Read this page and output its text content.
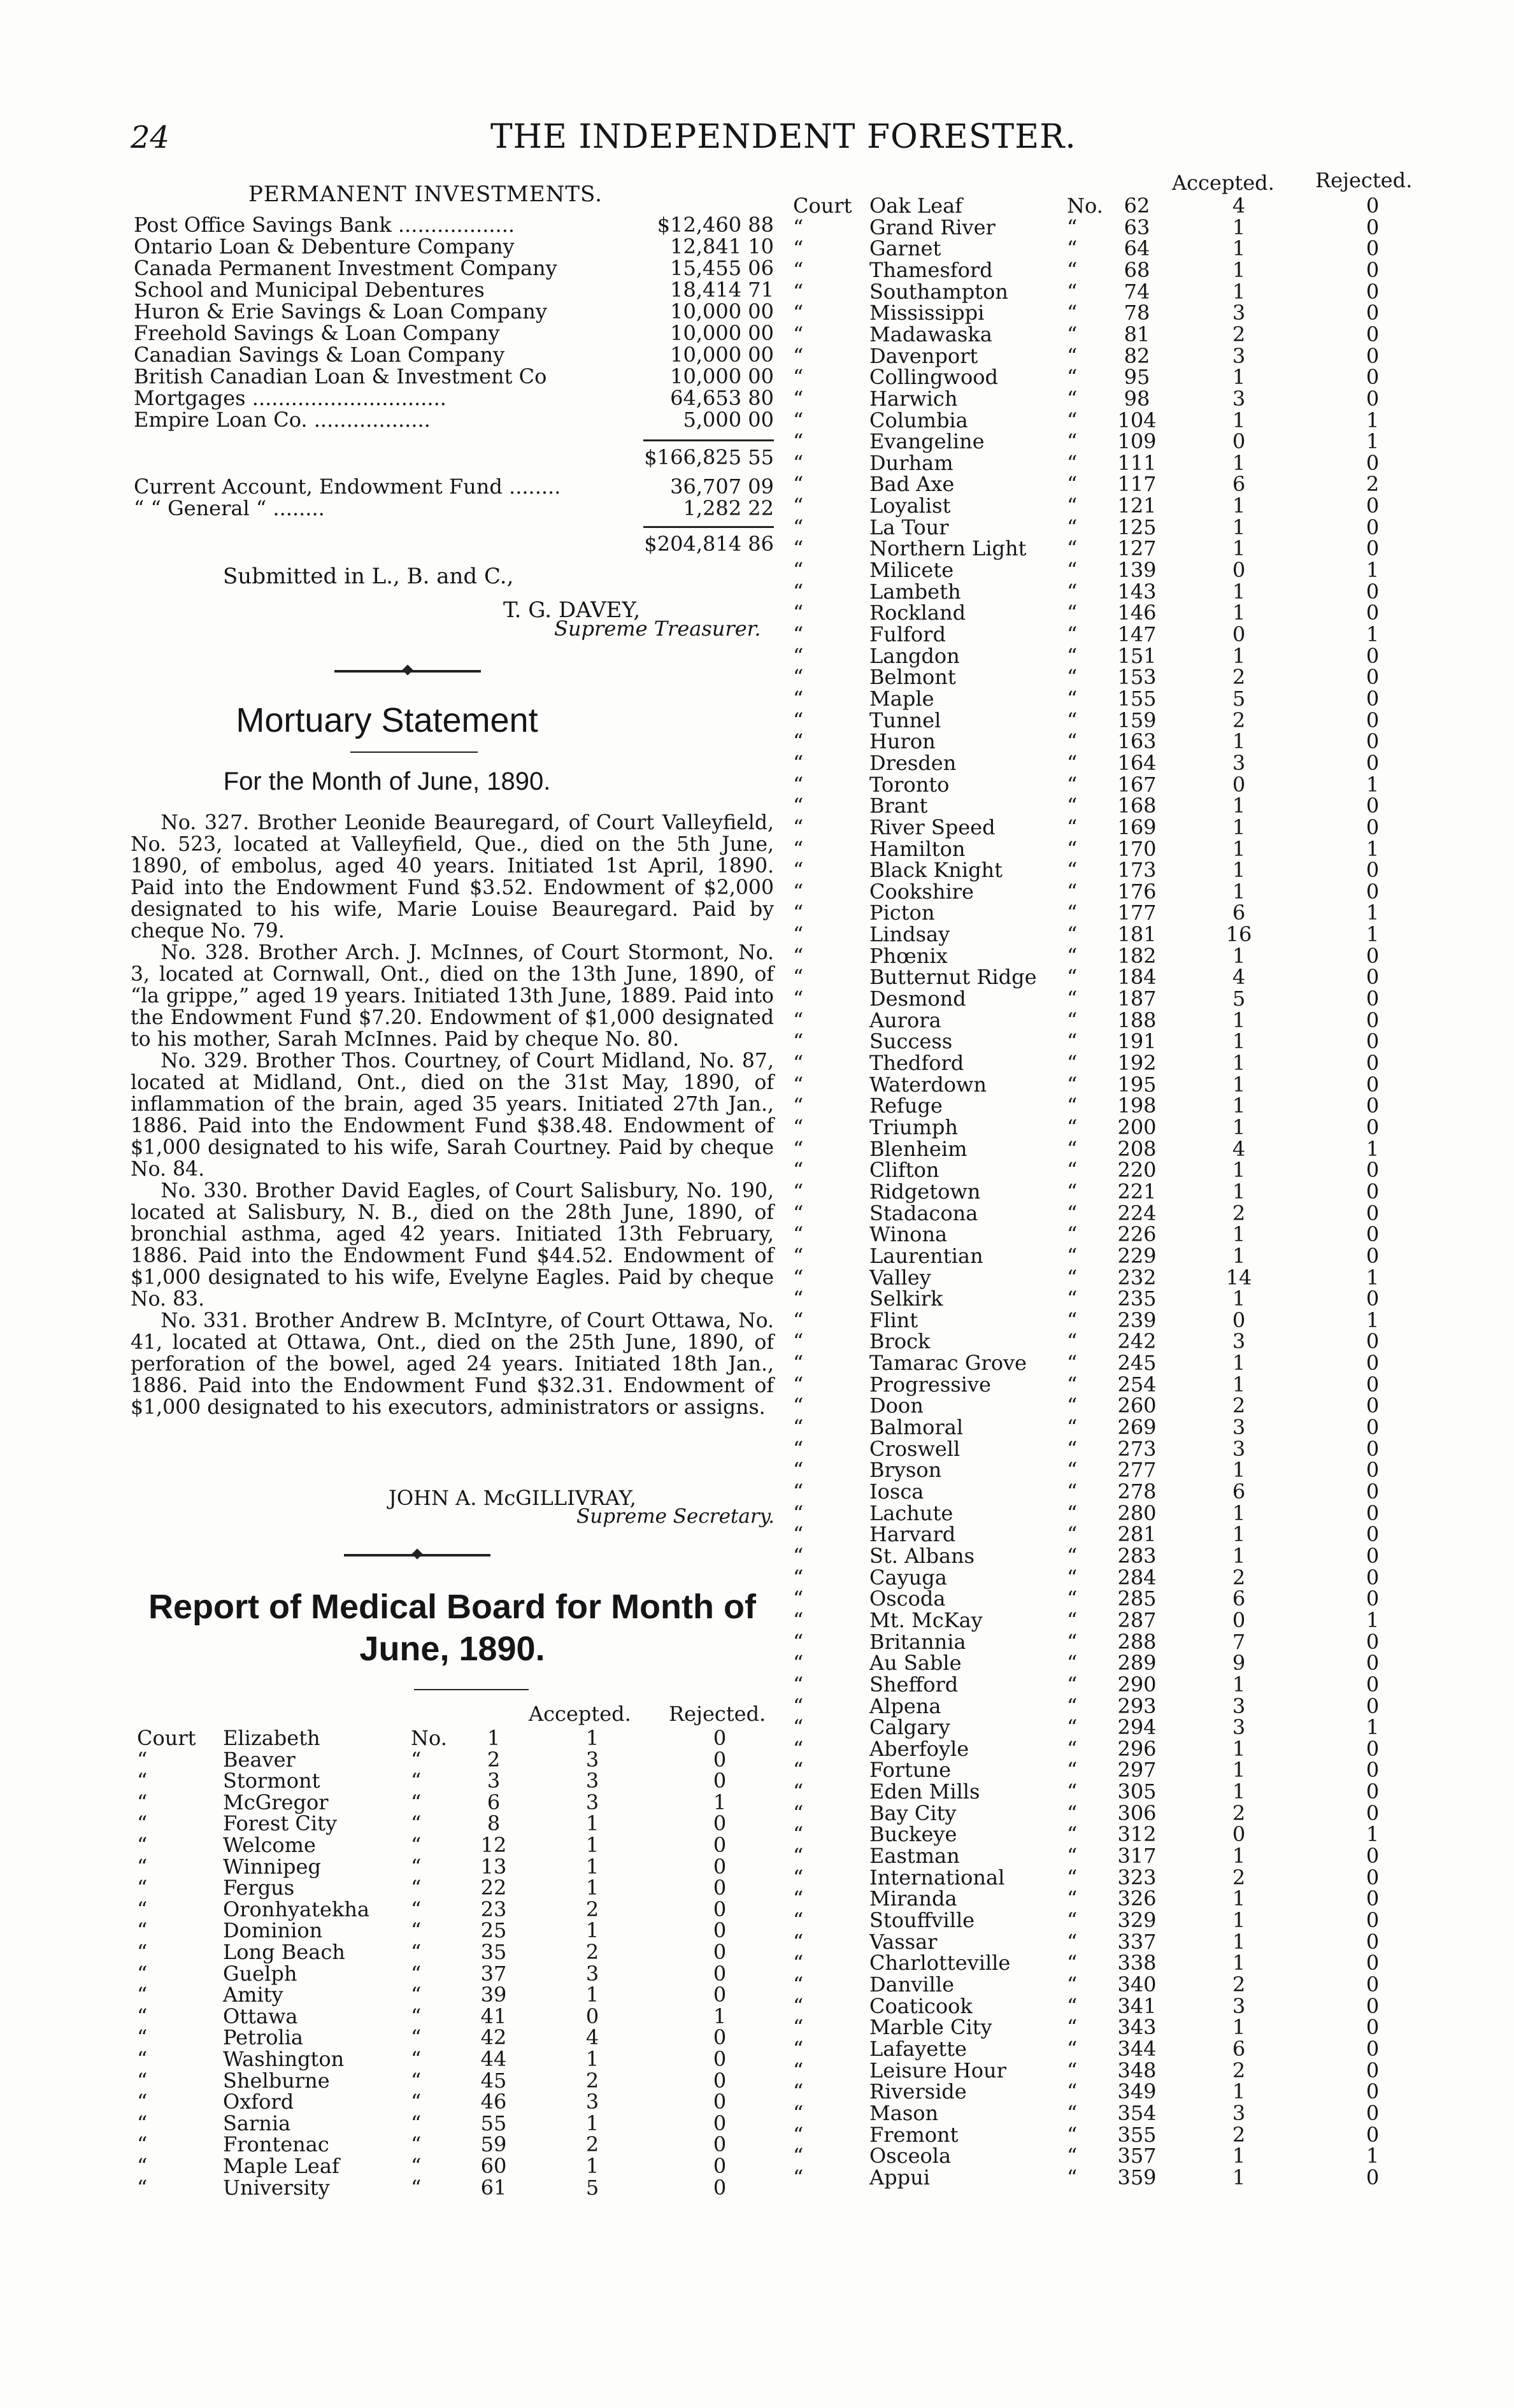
24	THE INDEPENDENT FORESTER.
PERMANENT INVESTMENTS.
Post Office Savings Bank ..................	$12,460 88
Ontario Loan & Debenture Company	12,841 10
Canada Permanent Investment Company	15,455 06
School and Municipal Debentures	18,414 71
Huron & Erie Savings & Loan Company	10,000 00
Freehold Savings & Loan Company	10,000 00
Canadian Savings & Loan Company	10,000 00
British Canadian Loan & Investment Co	10,000 00
Mortgages ..............................	64,653 80
Empire Loan Co. ..................	5,000 00
$166,825 55
Current Account, Endowment Fund ........	36,707 09
“ “ General “ ........	1,282 22
$204,814 86
Submitted in L., B. and C.,
T. G. DAVEY,
Supreme Treasurer.
Mortuary Statement
For the Month of June, 1890.

No. 327. Brother Leonide Beauregard, of Court Valleyfield, No. 523, located at Valleyfield, Que., died on the 5th June, 1890, of embolus, aged 40 years. Initiated 1st April, 1890. Paid into the Endowment Fund $3.52. Endowment of $2,000 designated to his wife, Marie Louise Beauregard. Paid by cheque No. 79.

No. 328. Brother Arch. J. McInnes, of Court Stormont, No. 3, located at Cornwall, Ont., died on the 13th June, 1890, of “la grippe,” aged 19 years. Initiated 13th June, 1889. Paid into the Endowment Fund $7.20. Endowment of $1,000 designated to his mother, Sarah McInnes. Paid by cheque No. 80.

No. 329. Brother Thos. Courtney, of Court Midland, No. 87, located at Midland, Ont., died on the 31st May, 1890, of inflammation of the brain, aged 35 years. Initiated 27th Jan., 1886. Paid into the Endowment Fund $38.48. Endowment of $1,000 designated to his wife, Sarah Courtney. Paid by cheque No. 84.

No. 330. Brother David Eagles, of Court Salisbury, No. 190, located at Salisbury, N. B., died on the 28th June, 1890, of bronchial asthma, aged 42 years. Initiated 13th February, 1886. Paid into the Endowment Fund $44.52. Endowment of $1,000 designated to his wife, Evelyne Eagles. Paid by cheque No. 83.

No. 331. Brother Andrew B. McIntyre, of Court Ottawa, No. 41, located at Ottawa, Ont., died on the 25th June, 1890, of perforation of the bowel, aged 24 years. Initiated 18th Jan., 1886. Paid into the Endowment Fund $32.31. Endowment of $1,000 designated to his executors, administrators or assigns.

JOHN A. McGILLIVRAY,
Supreme Secretary.
Report of Medical Board for Month of June, 1890.
Accepted. Rejected.
Accepted. Rejected.
Court Elizabeth	No.	1	1	0
“	Beaver	“	2	3	0
“	Stormont	“	3	3	0
“	McGregor	“	6	3	1
“	Forest City	“	8	1	0
“	Welcome	“	12	1	0
“	Winnipeg	“	13	1	0
“	Fergus	“	22	1	0
“	Oronhyatekha “	23	2	0
“	Dominion	“	25	1	0
“	Long Beach	“	35	2	0
“	Guelph	“	37	3	0
“	Amity	“	39	1	0
“	Ottawa	“	41	0	1
“	Petrolia	“	42	4	0
“	Washington	“	44	1	0
“	Shelburne	“	45	2	0
“	Oxford	“	46	3	0
“	Sarnia	“	55	1	0
“	Frontenac	“	59	2	0
“	Maple Leaf	“	60	1	0
“	University	“	61	5	0
Court Oak Leaf	No.	62	4	0
“	Grand River	“	63	1	0
“	Garnet	“	64	1	0
“	Thamesford	“	68	1	0
“	Southampton	“	74	1	0
“	Mississippi	“	78	3	0
“	Madawaska	“	81	2	0
“	Davenport	“	82	3	0
“	Collingwood	“	95	1	0
“	Harwich	“	98	3	0
“	Columbia	“ 104	1	1
“	Evangeline	“ 109	0	1
“	Durham	“ 111	1	0
“	Bad Axe	“ 117	6	2
“	Loyalist	“ 121	1	0
“	La Tour	“ 125	1	0
“	Northern Light “ 127	1	0
“	Milicete	“ 139	0	1
“	Lambeth	“ 143	1	0
“	Rockland	“ 146	1	0
“	Fulford	“ 147	0	1
“	Langdon	“ 151	1	0
“	Belmont	“ 153	2	0
“	Maple	“ 155	5	0
“	Tunnel	“ 159	2	0
“	Huron	“ 163	1	0
“	Dresden	“ 164	3	0
“	Toronto	“ 167	0	1
“	Brant	“ 168	1	0
“	River Speed	“ 169	1	0
“	Hamilton	“ 170	1	1
“	Black Knight	“ 173	1	0
“	Cookshire	“ 176	1	0
“	Picton	“ 177	6	1
“	Lindsay	“ 181	16	1
“	Phœnix	“ 182	1	0
“	Butternut Ridge “ 184	4	0
“	Desmond	“ 187	5	0
“	Aurora	“ 188	1	0
“	Success	“ 191	1	0
“	Thedford	“ 192	1	0
“	Waterdown	“ 195	1	0
“	Refuge	“ 198	1	0
“	Triumph	“ 200	1	0
“	Blenheim	“ 208	4	1
“	Clifton	“ 220	1	0
“	Ridgetown	“ 221	1	0
“	Stadacona	“ 224	2	0
“	Winona	“ 226	1	0
“	Laurentian	“ 229	1	0
“	Valley	“ 232	14	1
“	Selkirk	“ 235	1	0
“	Flint	“ 239	0	1
“	Brock	“ 242	3	0
“	Tamarac Grove “ 245	1	0
“	Progressive	“ 254	1	0
“	Doon	“ 260	2	0
“	Balmoral	“ 269	3	0
“	Croswell	“ 273	3	0
“	Bryson	“ 277	1	0
“	Iosca	“ 278	6	0
“	Lachute	“ 280	1	0
“	Harvard	“ 281	1	0
“	St. Albans	“ 283	1	0
“	Cayuga	“ 284	2	0
“	Oscoda	“ 285	6	0
“	Mt. McKay	“ 287	0	1
“	Britannia	“ 288	7	0
“	Au Sable	“ 289	9	0
“	Shefford	“ 290	1	0
“	Alpena	“ 293	3	0
“	Calgary	“ 294	3	1
“	Aberfoyle	“ 296	1	0
“	Fortune	“ 297	1	0
“	Eden Mills	“ 305	1	0
“	Bay City	“ 306	2	0
“	Buckeye	“ 312	0	1
“	Eastman	“ 317	1	0
“	International	“ 323	2	0
“	Miranda	“ 326	1	0
“	Stouffville	“ 329	1	0
“	Vassar	“ 337	1	0
“	Charlotteville	“ 338	1	0
“	Danville	“ 340	2	0
“	Coaticook	“ 341	3	0
“	Marble City	“ 343	1	0
“	Lafayette	“ 344	6	0
“	Leisure Hour	“ 348	2	0
“	Riverside	“ 349	1	0
“	Mason	“ 354	3	0
“	Fremont	“ 355	2	0
“	Osceola	“ 357	1	1
“	Appui	“ 359	1	0
